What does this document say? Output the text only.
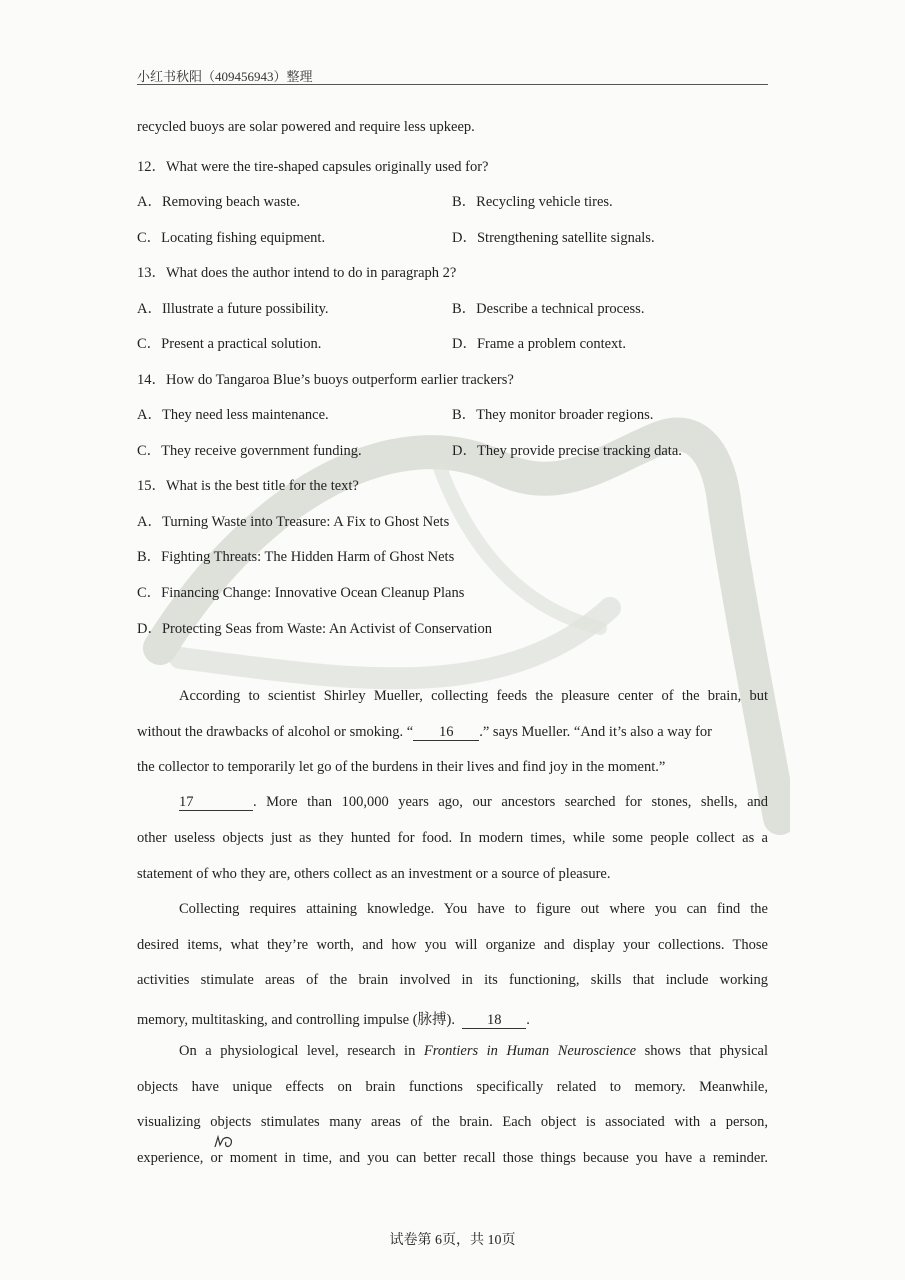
小红书秋阳（409456943）整理
recycled buoys are solar powered and require less upkeep.
12．What were the tire-shaped capsules originally used for?
A．Removing beach waste.	B．Recycling vehicle tires.
C．Locating fishing equipment.	D．Strengthening satellite signals.
13．What does the author intend to do in paragraph 2?
A．Illustrate a future possibility.	B．Describe a technical process.
C．Present a practical solution.	D．Frame a problem context.
14．How do Tangaroa Blue’s buoys outperform earlier trackers?
A．They need less maintenance.	B．They monitor broader regions.
C．They receive government funding.	D．They provide precise tracking data.
15．What is the best title for the text?
A．Turning Waste into Treasure: A Fix to Ghost Nets
B．Fighting Threats: The Hidden Harm of Ghost Nets
C．Financing Change: Innovative Ocean Cleanup Plans
D．Protecting Seas from Waste: An Activist of Conservation
According to scientist Shirley Mueller, collecting feeds the pleasure center of the brain, but
without the drawbacks of alcohol or smoking. “ 16 .” says Mueller. “And it’s also a way for
the collector to temporarily let go of the burdens in their lives and find joy in the moment.”
17	. More than 100,000 years ago, our ancestors searched for stones, shells, and
other useless objects just as they hunted for food. In modern times, while some people collect as a
statement of who they are, others collect as an investment or a source of pleasure.
Collecting requires attaining knowledge. You have to figure out where you can find the
desired items, what they’re worth, and how you will organize and display your collections. Those
activities stimulate areas of the brain involved in its functioning, skills that include working
memory, multitasking, and controlling impulse (脉搏). 18 .
On a physiological level, research in Frontiers in Human Neuroscience shows that physical
objects have unique effects on brain functions specifically related to memory. Meanwhile,
visualizing objects stimulates many areas of the brain. Each object is associated with a person,
experience, or moment in time, and you can better recall those things because you have a reminder.
试卷第 6页，共 10页
